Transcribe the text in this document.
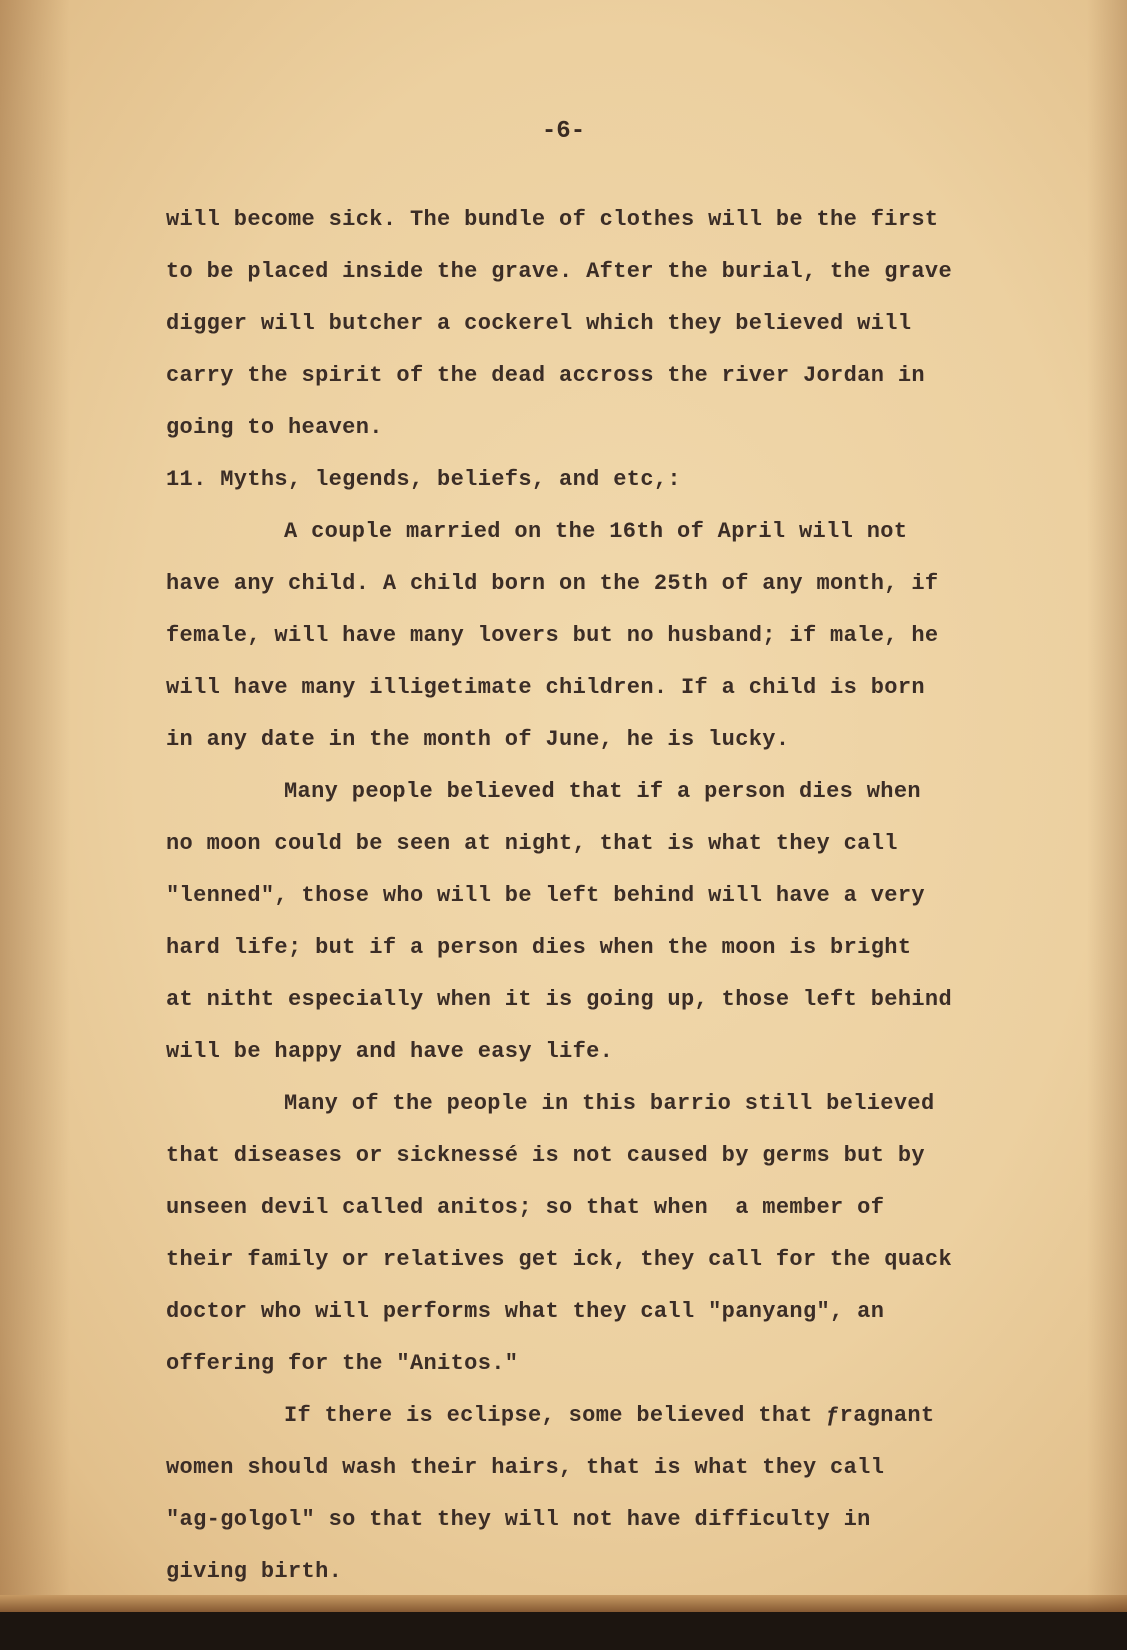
-6-
will become sick. The bundle of clothes will be the first
to be placed inside the grave. After the burial, the grave
digger will butcher a cockerel which they believed will
carry the spirit of the dead accross the river Jordan in
going to heaven.
11. Myths, legends, beliefs, and etc,:
A couple married on the 16th of April will not
have any child. A child born on the 25th of any month, if
female, will have many lovers but no husband; if male, he
will have many illigetimate children. If a child is born
in any date in the month of June, he is lucky.
Many people believed that if a person dies when
no moon could be seen at night, that is what they call
"lenned", those who will be left behind will have a very
hard life; but if a person dies when the moon is bright
at nitht especially when it is going up, those left behind
will be happy and have easy life.
Many of the people in this barrio still believed
that diseases or sicknessé is not caused by germs but by
unseen devil called anitos; so that when  a member of
their family or relatives get ick, they call for the quack
doctor who will performs what they call "panyang", an
offering for the "Anitos."
If there is eclipse, some believed that ƒragnant
women should wash their hairs, that is what they call
"ag-golgol" so that they will not have difficulty in
giving birth.
